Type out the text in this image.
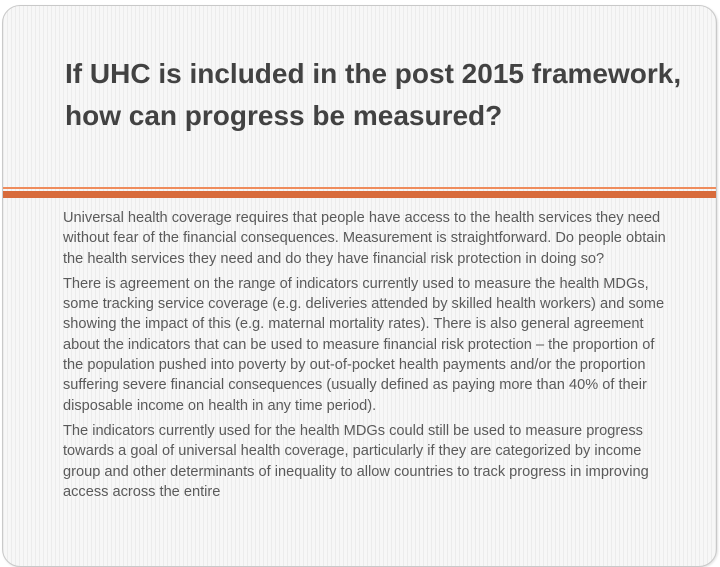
If UHC is included in the post 2015 framework, how can progress be measured?

Universal health coverage requires that people have access to the health services they need without fear of the financial consequences. Measurement is straightforward. Do people obtain the health services they need and do they have financial risk protection in doing so?

There is agreement on the range of indicators currently used to measure the health MDGs, some tracking service coverage (e.g. deliveries attended by skilled health workers) and some showing the impact of this (e.g. maternal mortality rates). There is also general agreement about the indicators that can be used to measure financial risk protection – the proportion of the population pushed into poverty by out-of-pocket health payments and/or the proportion suffering severe financial consequences (usually defined as paying more than 40% of their disposable income on health in any time period).

The indicators currently used for the health MDGs could still be used to measure progress towards a goal of universal health coverage, particularly if they are categorized by income group and other determinants of inequality to allow countries to track progress in improving access across the entire
